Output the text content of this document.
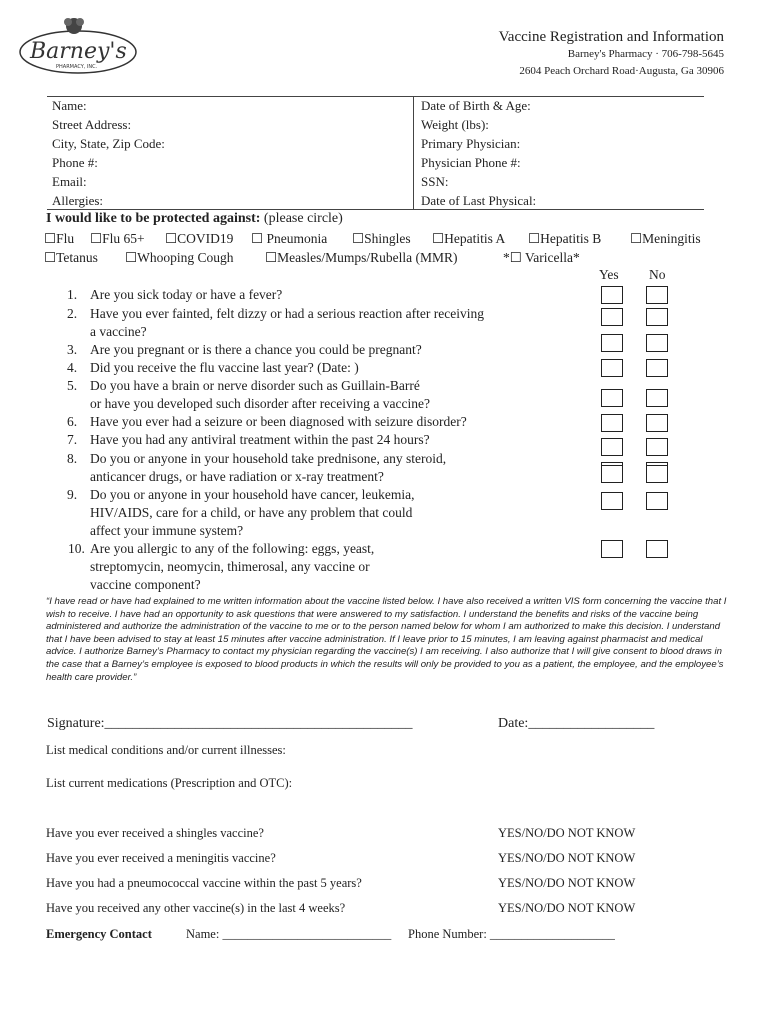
Barney's
PHARMACY, INC.
Vaccine Registration and Information
Barney's Pharmacy · 706-798-5645
2604 Peach Orchard Road·Augusta, Ga 30906
Name:	Date of Birth & Age:
Street Address:	Weight (lbs):
City, State, Zip Code:	Primary Physician:
Phone #:	Physician Phone #:
Email:	SSN:
Allergies:	Date of Last Physical:
I would like to be protected against: (please circle)
☐Flu ☐Flu 65+ ☐COVID19 ☐ Pneumonia ☐Shingles ☐Hepatitis A ☐Hepatitis B ☐Meningitis
☐Tetanus ☐Whooping Cough ☐Measles/Mumps/Rubella (MMR)	*☐ Varicella*
Yes No
1. Are you sick today or have a fever?
2. Have you ever fainted, felt dizzy or had a serious reaction after receiving
a vaccine?
3. Are you pregnant or is there a chance you could be pregnant?
4. Did you receive the flu vaccine last year? (Date: )
5. Do you have a brain or nerve disorder such as Guillain-Barré
or have you developed such disorder after receiving a vaccine?
6. Have you ever had a seizure or been diagnosed with seizure disorder?
7. Have you had any antiviral treatment within the past 24 hours?
8. Do you or anyone in your household take prednisone, any steroid,
anticancer drugs, or have radiation or x-ray treatment?
9. Do you or anyone in your household have cancer, leukemia,
HIV/AIDS, care for a child, or have any problem that could
affect your immune system?
10. Are you allergic to any of the following: eggs, yeast,
streptomycin, neomycin, thimerosal, any vaccine or
vaccine component?
“I have read or have had explained to me written information about the vaccine listed below. I have also received a written VIS form concerning the vaccine that I wish to receive. I have had an opportunity to ask questions that were answered to my satisfaction. I understand the benefits and risks of the vaccine being administered and authorize the administration of the vaccine to me or to the person named below for whom I am authorized to make this decision. I understand that I have been advised to stay at least 15 minutes after vaccine administration. If I leave prior to 15 minutes, I am leaving against pharmacist and medical advice. I authorize Barney’s Pharmacy to contact my physician regarding the vaccine(s) I am receiving. I also authorize that I will give consent to blood draws in the case that a Barney’s employee is exposed to blood products in which the results will only be provided to you as a patient, the employee, and the employee’s health care provider.”
Signature:____________________________________________	Date:__________________
List medical conditions and/or current illnesses:
List current medications (Prescription and OTC):
Have you ever received a shingles vaccine?	YES/NO/DO NOT KNOW
Have you ever received a meningitis vaccine?	YES/NO/DO NOT KNOW
Have you had a pneumococcal vaccine within the past 5 years?	YES/NO/DO NOT KNOW
Have you received any other vaccine(s) in the last 4 weeks?	YES/NO/DO NOT KNOW
Emergency Contact	Name: ___________________________ Phone Number: ____________________
